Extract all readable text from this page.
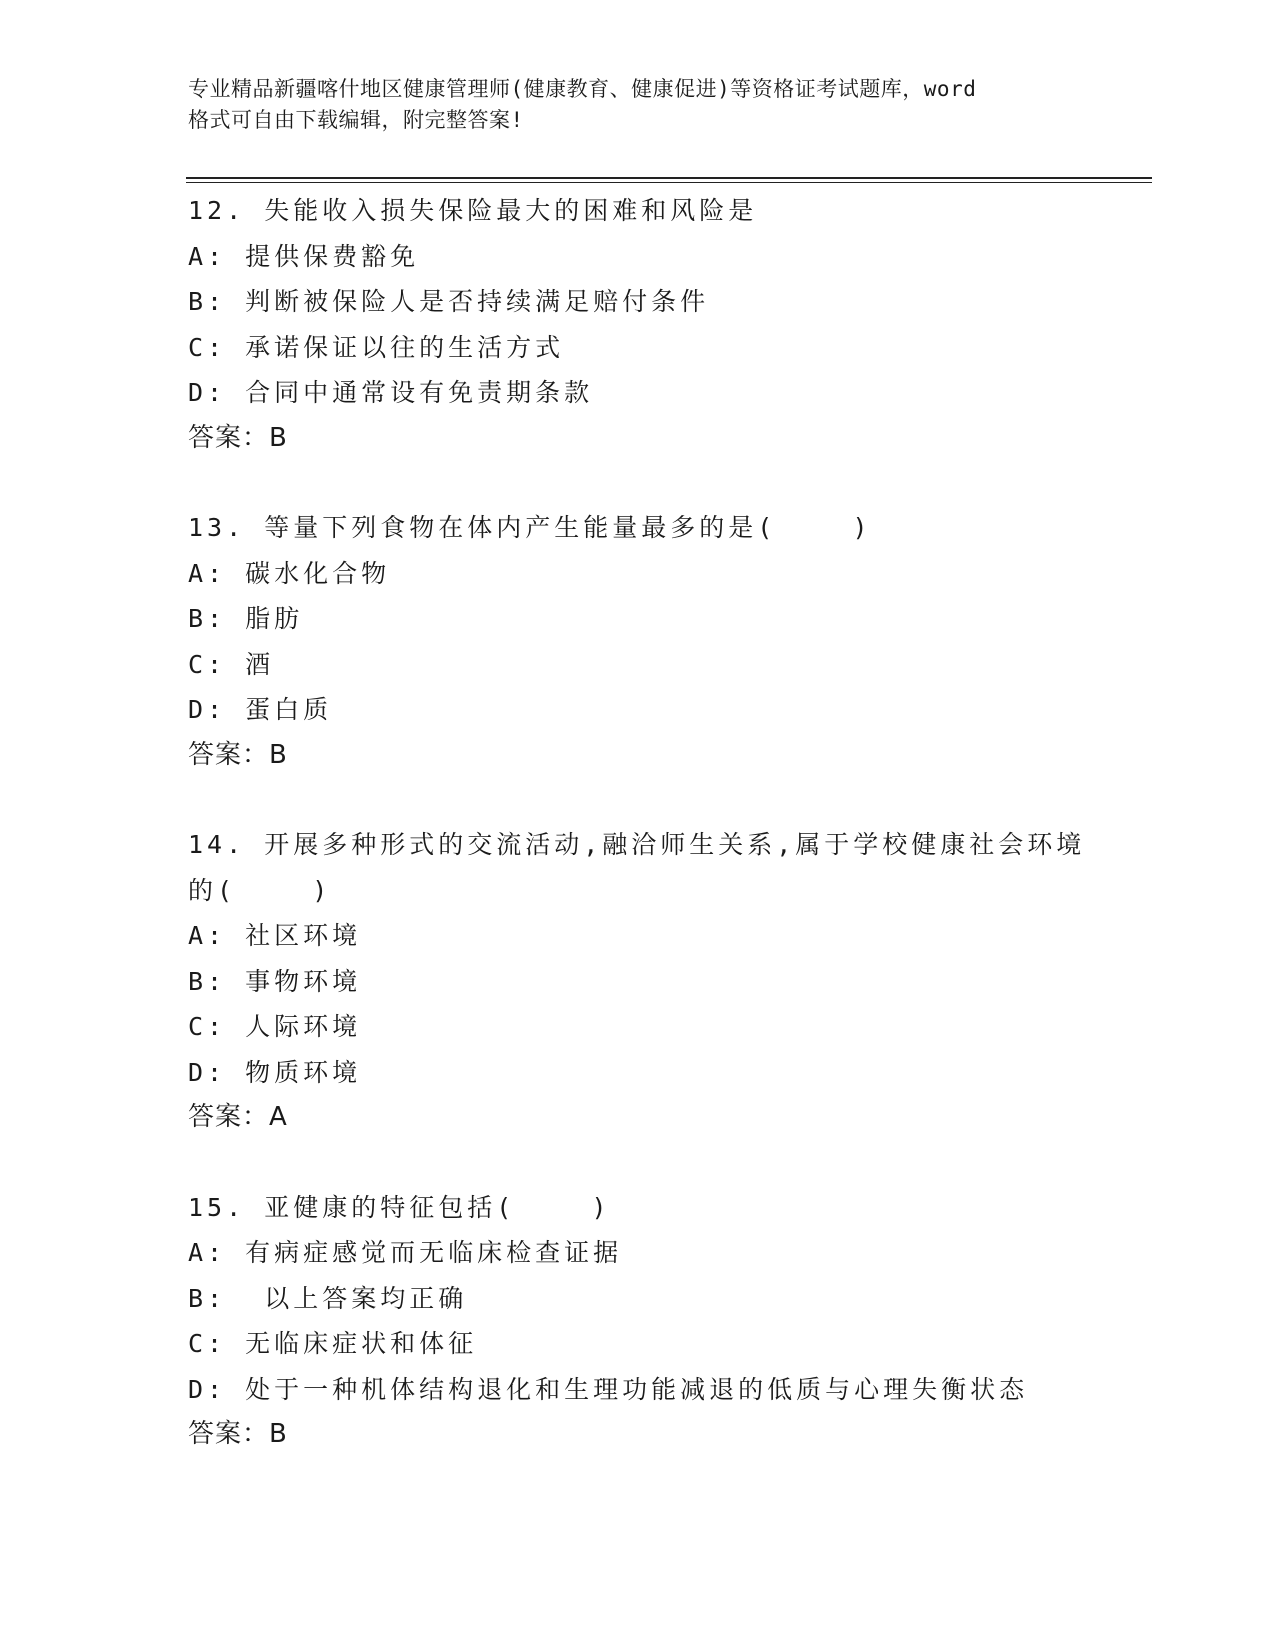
专业精品新疆喀什地区健康管理师(健康教育、健康促进)等资格证考试题库，word
格式可自由下载编辑，附完整答案!
12. 失能收入损失保险最大的困难和风险是
A: 提供保费豁免
B: 判断被保险人是否持续满足赔付条件
C: 承诺保证以往的生活方式
D: 合同中通常设有免责期条款
答案：B
13. 等量下列食物在体内产生能量最多的是(    )
A: 碳水化合物
B: 脂肪
C: 酒
D: 蛋白质
答案：B
14. 开展多种形式的交流活动,融洽师生关系,属于学校健康社会环境的(    )
A: 社区环境
B: 事物环境
C: 人际环境
D: 物质环境
答案：A
15. 亚健康的特征包括(    )
A: 有病症感觉而无临床检查证据
B:  以上答案均正确
C: 无临床症状和体征
D: 处于一种机体结构退化和生理功能减退的低质与心理失衡状态
答案：B
